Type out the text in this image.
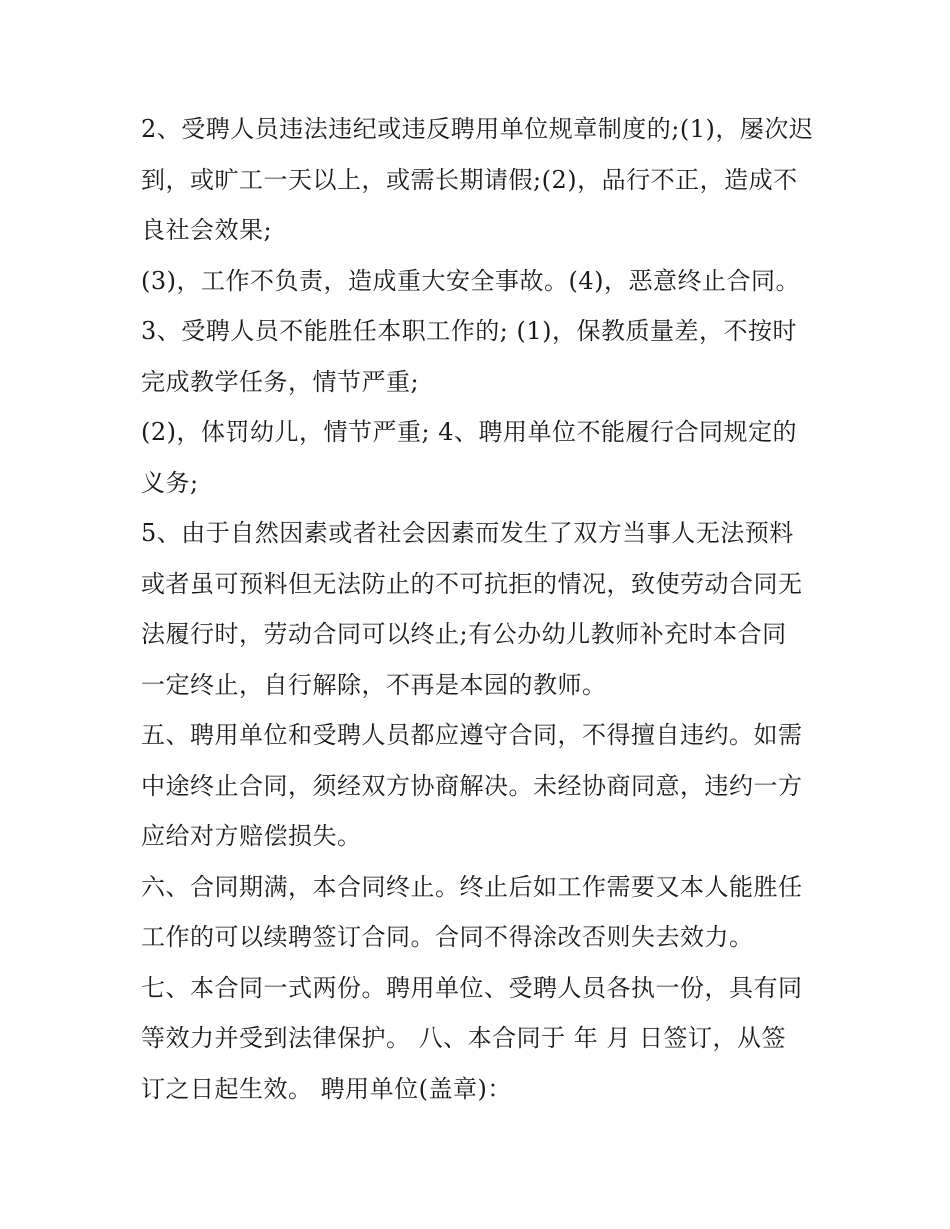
2、受聘人员违法违纪或违反聘用单位规章制度的;(1)，屡次迟
到，或旷工一天以上，或需长期请假;(2)，品行不正，造成不
良社会效果;
(3)，工作不负责，造成重大安全事故。(4)，恶意终止合同。
3、受聘人员不能胜任本职工作的; (1)，保教质量差，不按时
完成教学任务，情节严重;
(2)，体罚幼儿，情节严重; 4、聘用单位不能履行合同规定的
义务;
5、由于自然因素或者社会因素而发生了双方当事人无法预料
或者虽可预料但无法防止的不可抗拒的情况，致使劳动合同无
法履行时，劳动合同可以终止;有公办幼儿教师补充时本合同
一定终止，自行解除，不再是本园的教师。
五、聘用单位和受聘人员都应遵守合同，不得擅自违约。如需
中途终止合同，须经双方协商解决。未经协商同意，违约一方
应给对方赔偿损失。
六、合同期满，本合同终止。终止后如工作需要又本人能胜任
工作的可以续聘签订合同。合同不得涂改否则失去效力。
七、本合同一式两份。聘用单位、受聘人员各执一份，具有同
等效力并受到法律保护。 八、本合同于 年 月 日签订，从签
订之日起生效。 聘用单位(盖章)：
